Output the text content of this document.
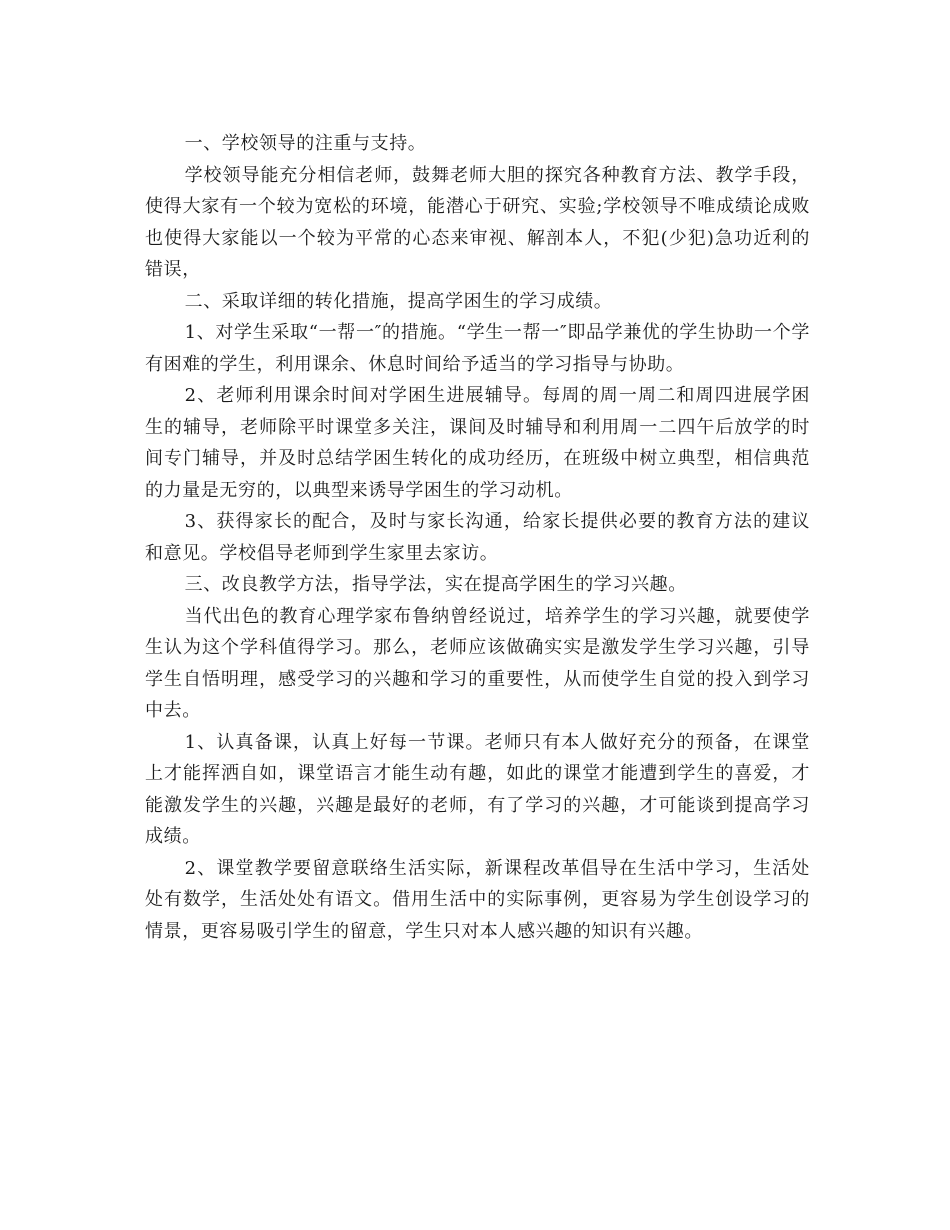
一、学校领导的注重与支持。

学校领导能充分相信老师，鼓舞老师大胆的探究各种教育方法、教学手段，使得大家有一个较为宽松的环境，能潜心于研究、实验;学校领导不唯成绩论成败也使得大家能以一个较为平常的心态来审视、解剖本人，不犯(少犯)急功近利的错误，

二、采取详细的转化措施，提高学困生的学习成绩。

1、对学生采取“一帮一″的措施。“学生一帮一″即品学兼优的学生协助一个学有困难的学生，利用课余、休息时间给予适当的学习指导与协助。

2、老师利用课余时间对学困生进展辅导。每周的周一周二和周四进展学困生的辅导，老师除平时课堂多关注，课间及时辅导和利用周一二四午后放学的时间专门辅导，并及时总结学困生转化的成功经历，在班级中树立典型，相信典范的力量是无穷的，以典型来诱导学困生的学习动机。

3、获得家长的配合，及时与家长沟通，给家长提供必要的教育方法的建议和意见。学校倡导老师到学生家里去家访。

三、改良教学方法，指导学法，实在提高学困生的学习兴趣。

当代出色的教育心理学家布鲁纳曾经说过，培养学生的学习兴趣，就要使学生认为这个学科值得学习。那么，老师应该做确实实是激发学生学习兴趣，引导学生自悟明理，感受学习的兴趣和学习的重要性，从而使学生自觉的投入到学习中去。

1、认真备课，认真上好每一节课。老师只有本人做好充分的预备，在课堂上才能挥洒自如，课堂语言才能生动有趣，如此的课堂才能遭到学生的喜爱，才能激发学生的兴趣，兴趣是最好的老师，有了学习的兴趣，才可能谈到提高学习成绩。

2、课堂教学要留意联络生活实际，新课程改革倡导在生活中学习，生活处处有数学，生活处处有语文。借用生活中的实际事例，更容易为学生创设学习的情景，更容易吸引学生的留意，学生只对本人感兴趣的知识有兴趣。
